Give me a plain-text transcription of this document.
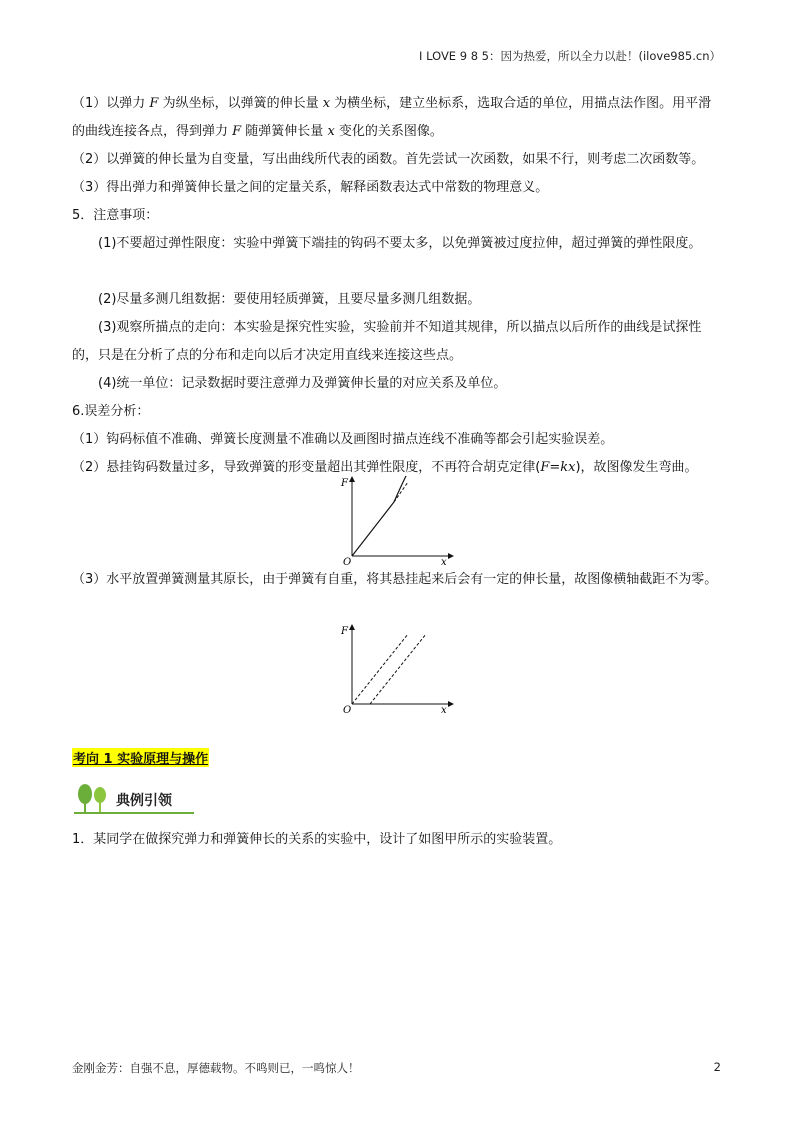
I LOVE 9 8 5：因为热爱，所以全力以赴！(ilove985.cn）

（1）以弹力 F 为纵坐标，以弹簧的伸长量 x 为横坐标，建立坐标系，选取合适的单位，用描点法作图。用平滑的曲线连接各点，得到弹力 F 随弹簧伸长量 x 变化的关系图像。

（2）以弹簧的伸长量为自变量，写出曲线所代表的函数。首先尝试一次函数，如果不行，则考虑二次函数等。

（3）得出弹力和弹簧伸长量之间的定量关系，解释函数表达式中常数的物理意义。

5．注意事项：

(1)不要超过弹性限度：实验中弹簧下端挂的钩码不要太多，以免弹簧被过度拉伸，超过弹簧的弹性限度。

(2)尽量多测几组数据：要使用轻质弹簧，且要尽量多测几组数据。

(3)观察所描点的走向：本实验是探究性实验，实验前并不知道其规律，所以描点以后所作的曲线是试探性的，只是在分析了点的分布和走向以后才决定用直线来连接这些点。

(4)统一单位：记录数据时要注意弹力及弹簧伸长量的对应关系及单位。

6.误差分析：

（1）钩码标值不准确、弹簧长度测量不准确以及画图时描点连线不准确等都会引起实验误差。

（2）悬挂钩码数量过多，导致弹簧的形变量超出其弹性限度，不再符合胡克定律(F=kx)，故图像发生弯曲。

F
x
O

（3）水平放置弹簧测量其原长，由于弹簧有自重，将其悬挂起来后会有一定的伸长量，故图像横轴截距不为零。

F
x
O
考向 1 实验原理与操作
典例引领

1．某同学在做探究弹力和弹簧伸长的关系的实验中，设计了如图甲所示的实验装置。

金刚金芳：自强不息，厚德载物。不鸣则已，一鸣惊人！	2
